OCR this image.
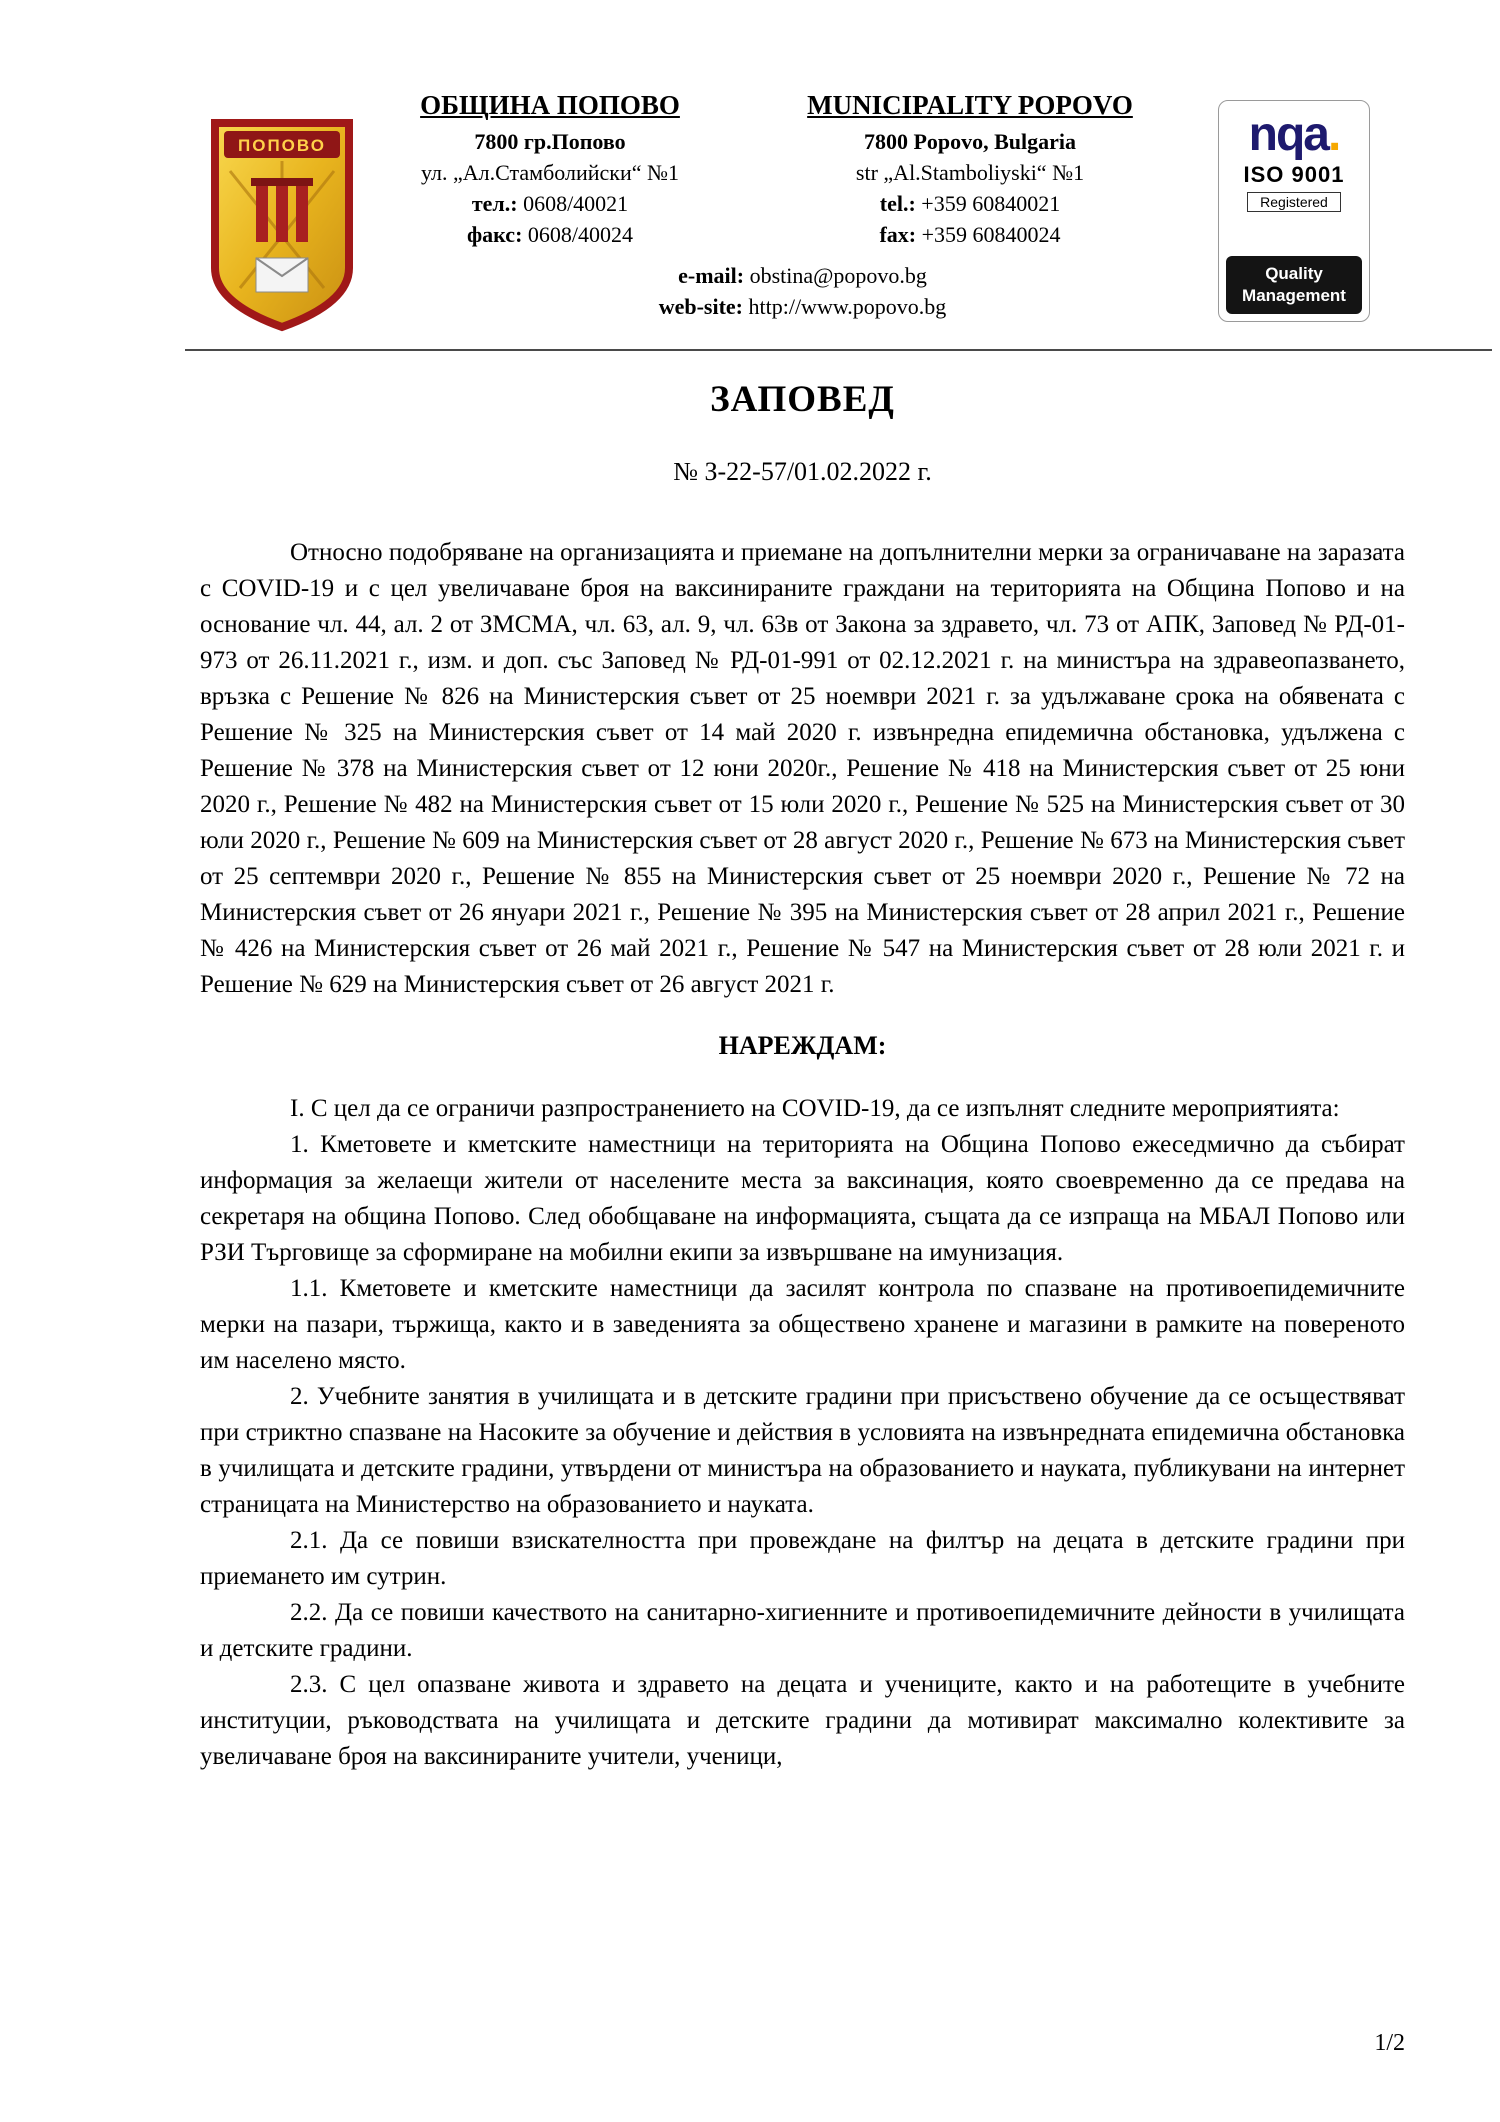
ПОПОВО
ОБЩИНА ПОПОВО
7800 гр.Попово
ул. „Ал.Стамболийски“ №1
тел.: 0608/40021
факс: 0608/40024
MUNICIPALITY POPOVO
7800 Popovo, Bulgaria
str „Al.Stamboliyski“ №1
tel.: +359 60840021
fax: +359 60840024
e-mail: obstina@popovo.bg
web-site: http://www.popovo.bg
nqa.
ISO 9001
Registered
Quality
Management
ЗАПОВЕД
№ З-22-57/01.02.2022 г.

Относно подобряване на организацията и приемане на допълнителни мерки за ограничаване на заразата с COVID-19 и с цел увеличаване броя на ваксинираните граждани на територията на Община Попово и на основание чл. 44, ал. 2 от ЗМСМА, чл. 63, ал. 9, чл. 63в от Закона за здравето, чл. 73 от АПК, Заповед № РД-01-973 от 26.11.2021 г., изм. и доп. със Заповед № РД-01-991 от 02.12.2021 г. на министъра на здравеопазването, връзка с Решение № 826 на Министерския съвет от 25 ноември 2021 г. за удължаване срока на обявената с Решение № 325 на Министерския съвет от 14 май 2020 г. извънредна епидемична обстановка, удължена с Решение № 378 на Министерския съвет от 12 юни 2020г., Решение № 418 на Министерския съвет от 25 юни 2020 г., Решение № 482 на Министерския съвет от 15 юли 2020 г., Решение № 525 на Министерския съвет от 30 юли 2020 г., Решение № 609 на Министерския съвет от 28 август 2020 г., Решение № 673 на Министерския съвет от 25 септември 2020 г., Решение № 855 на Министерския съвет от 25 ноември 2020 г., Решение № 72 на Министерския съвет от 26 януари 2021 г., Решение № 395 на Министерския съвет от 28 април 2021 г., Решение № 426 на Министерския съвет от 26 май 2021 г., Решение № 547 на Министерския съвет от 28 юли 2021 г. и Решение № 629 на Министерския съвет от 26 август 2021 г.

НАРЕЖДАМ:

I. С цел да се ограничи разпространението на COVID-19, да се изпълнят следните мероприятията:

1. Кметовете и кметските наместници на територията на Община Попово ежеседмично да събират информация за желаещи жители от населените места за ваксинация, която своевременно да се предава на секретаря на община Попово. След обобщаване на информацията, същата да се изпраща на МБАЛ Попово или РЗИ Търговище за сформиране на мобилни екипи за извършване на имунизация.

1.1. Кметовете и кметските наместници да засилят контрола по спазване на противоепидемичните мерки на пазари, тържища, както и в заведенията за обществено хранене и магазини в рамките на повереното им населено място.

2. Учебните занятия в училищата и в детските градини при присъствено обучение да се осъществяват при стриктно спазване на Насоките за обучение и действия в условията на извънредната епидемична обстановка в училищата и детските градини, утвърдени от министъра на образованието и науката, публикувани на интернет страницата на Министерство на образованието и науката.

2.1. Да се повиши взискателността при провеждане на филтър на децата в детските градини при приемането им сутрин.

2.2. Да се повиши качеството на санитарно-хигиенните и противоепидемичните дейности в училищата и детските градини.

2.3. С цел опазване живота и здравето на децата и учениците, както и на работещите в учебните институции, ръководствата на училищата и детските градини да мотивират максимално колективите за увеличаване броя на ваксинираните учители, ученици,

1/2
